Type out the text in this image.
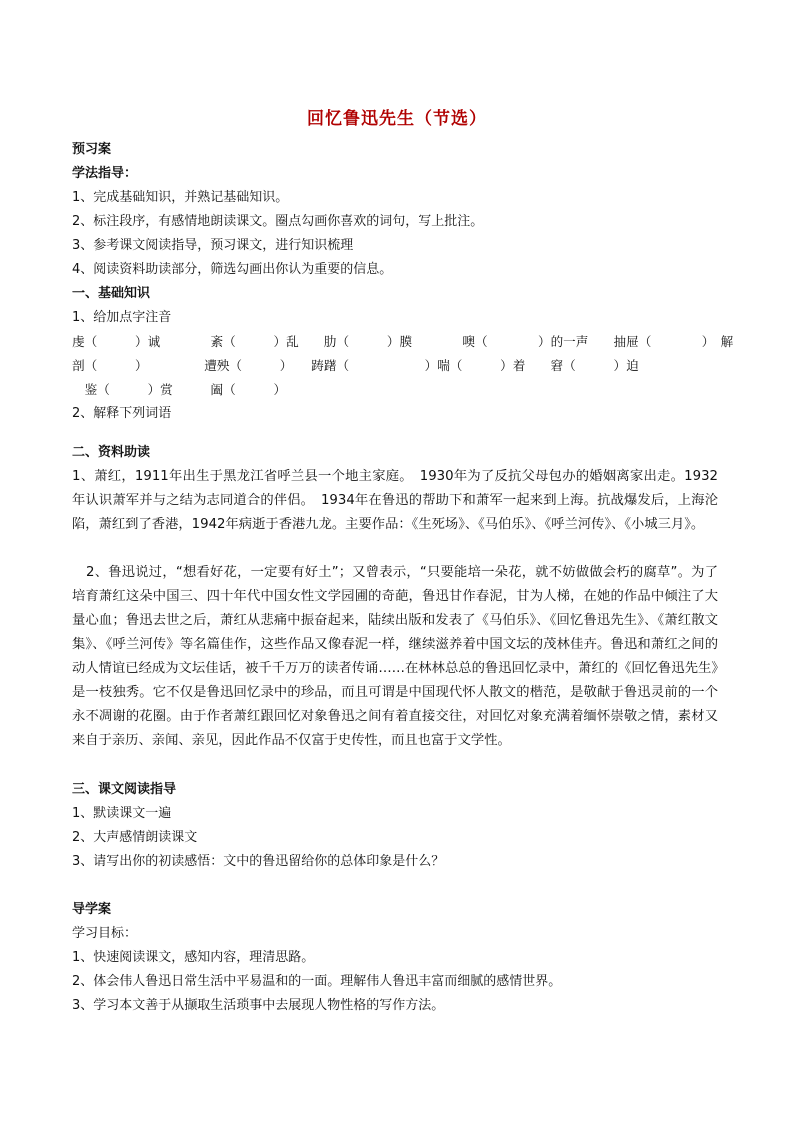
回忆鲁迅先生（节选）
预习案
学法指导：
1、完成基础知识，并熟记基础知识。
2、标注段序，有感情地朗读课文。圈点勾画你喜欢的词句，写上批注。
3、参考课文阅读指导，预习课文，进行知识梳理
4、阅读资料助读部分，筛选勾画出你认为重要的信息。
一、基础知识
1、给加点字注音
虔（　　　）诚　　　　紊（　　　）乱　　肋（　　　）膜　　　　噢（　　　　）的一声　　抽屉（　　　　）　解
剖（　　　）　　　　　遭殃（　　　）　　踌躇（　　　　　　）喘（　　　）着　　窘（　　　）迫
　鉴（　　　）赏　　　阖（　　　）
2、解释下列词语
二、资料助读

1、萧红，1911年出生于黑龙江省呼兰县一个地主家庭。　1930年为了反抗父母包办的婚姻离家出走。1932年认识萧军并与之结为志同道合的伴侣。　1934年在鲁迅的帮助下和萧军一起来到上海。抗战爆发后，上海沦陷，萧红到了香港，1942年病逝于香港九龙。主要作品：《生死场》、《马伯乐》、《呼兰河传》、《小城三月》。

2、鲁迅说过，“想看好花，一定要有好土”；又曾表示，“只要能培一朵花，就不妨做做会朽的腐草”。为了培育萧红这朵中国三、四十年代中国女性文学园圃的奇葩，鲁迅甘作春泥，甘为人梯，在她的作品中倾注了大量心血；鲁迅去世之后，萧红从悲痛中振奋起来，陆续出版和发表了《马伯乐》、《回忆鲁迅先生》、《萧红散文集》、《呼兰河传》等名篇佳作，这些作品又像春泥一样，继续滋养着中国文坛的茂林佳卉。鲁迅和萧红之间的动人情谊已经成为文坛佳话，被千千万万的读者传诵……在林林总总的鲁迅回忆录中，萧红的《回忆鲁迅先生》是一枝独秀。它不仅是鲁迅回忆录中的珍品，而且可谓是中国现代怀人散文的楷范，是敬献于鲁迅灵前的一个永不凋谢的花圈。由于作者萧红跟回忆对象鲁迅之间有着直接交往，对回忆对象充满着缅怀崇敬之情，素材又来自于亲历、亲闻、亲见，因此作品不仅富于史传性，而且也富于文学性。

三、课文阅读指导
1、默读课文一遍
2、大声感情朗读课文
3、请写出你的初读感悟：文中的鲁迅留给你的总体印象是什么？
导学案
学习目标：
1、快速阅读课文，感知内容，理清思路。
2、体会伟人鲁迅日常生活中平易温和的一面。理解伟人鲁迅丰富而细腻的感情世界。
3、学习本文善于从撷取生活琐事中去展现人物性格的写作方法。
